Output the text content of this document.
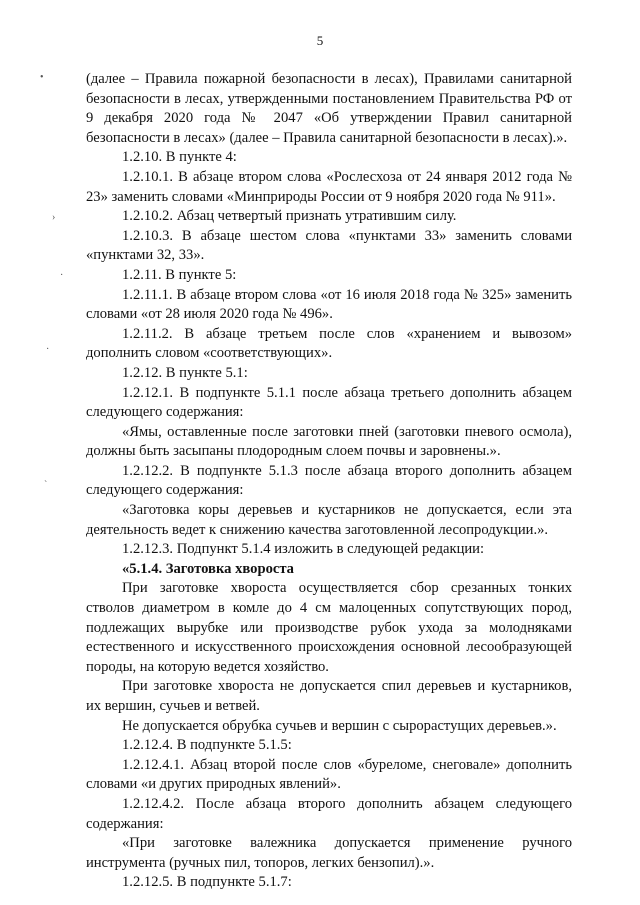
5
•
›
·
·
ˋ

(далее – Правила пожарной безопасности в лесах), Правилами санитарной безопасности в лесах, утвержденными постановлением Правительства РФ от 9 декабря 2020 года № 2047 «Об утверждении Правил санитарной безопасности в лесах» (далее – Правила санитарной безопасности в лесах).».

1.2.10. В пункте 4:

1.2.10.1. В абзаце втором слова «Рослесхоза от 24 января 2012 года № 23» заменить словами «Минприроды России от 9 ноября 2020 года № 911».

1.2.10.2. Абзац четвертый признать утратившим силу.

1.2.10.3. В абзаце шестом слова «пунктами 33» заменить словами «пунктами 32, 33».

1.2.11. В пункте 5:

1.2.11.1. В абзаце втором слова «от 16 июля 2018 года № 325» заменить словами «от 28 июля 2020 года № 496».

1.2.11.2. В абзаце третьем после слов «хранением и вывозом» дополнить словом «соответствующих».

1.2.12. В пункте 5.1:

1.2.12.1. В подпункте 5.1.1 после абзаца третьего дополнить абзацем следующего содержания:

«Ямы, оставленные после заготовки пней (заготовки пневого осмола), должны быть засыпаны плодородным слоем почвы и заровнены.».

1.2.12.2. В подпункте 5.1.3 после абзаца второго дополнить абзацем следующего содержания:

«Заготовка коры деревьев и кустарников не допускается, если эта деятельность ведет к снижению качества заготовленной лесопродукции.».

1.2.12.3. Подпункт 5.1.4 изложить в следующей редакции:

«5.1.4. Заготовка хвороста

При заготовке хвороста осуществляется сбор срезанных тонких стволов диаметром в комле до 4 см малоценных сопутствующих пород, подлежащих вырубке или производстве рубок ухода за молодняками естественного и искусственного происхождения основной лесообразующей породы, на которую ведется хозяйство.

При заготовке хвороста не допускается спил деревьев и кустарников, их вершин, сучьев и ветвей.

Не допускается обрубка сучьев и вершин с сырорастущих деревьев.».

1.2.12.4. В подпункте 5.1.5:

1.2.12.4.1. Абзац второй после слов «буреломе, снеговале» дополнить словами «и других природных явлений».

1.2.12.4.2. После абзаца второго дополнить абзацем следующего содержания:

«При заготовке валежника допускается применение ручного инструмента (ручных пил, топоров, легких бензопил).».

1.2.12.5. В подпункте 5.1.7:
